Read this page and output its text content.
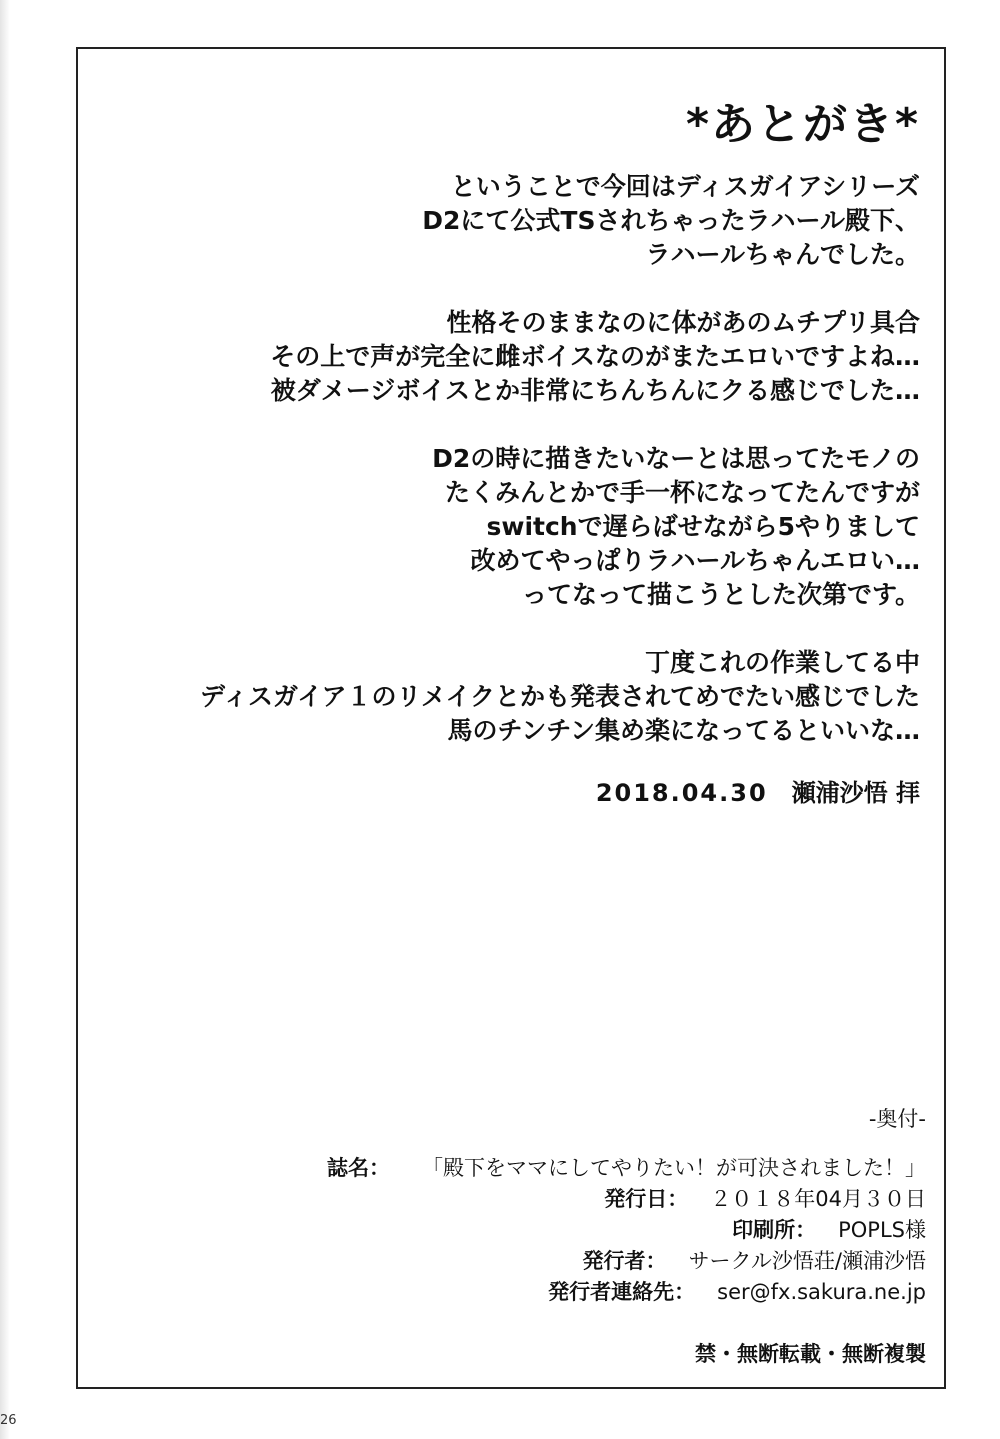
*あとがき*
ということで今回はディスガイアシリーズ
D2にて公式TSされちゃったラハール殿下、
ラハールちゃんでした。
性格そのままなのに体があのムチプリ具合
その上で声が完全に雌ボイスなのがまたエロいですよね…
被ダメージボイスとか非常にちんちんにクる感じでした…
D2の時に描きたいなーとは思ってたモノの
たくみんとかで手一杯になってたんですが
switchで遅らばせながら5やりまして
改めてやっぱりラハールちゃんエロい…
ってなって描こうとした次第です。
丁度これの作業してる中
ディスガイア１のリメイクとかも発表されてめでたい感じでした
馬のチンチン集め楽になってるといいな…
2018.04.30 瀬浦沙悟 拝
-奥付-
誌名： 「殿下をママにしてやりたい！が可決されました！」
発行日： ２０１８年04月３０日
印刷所： POPLS様
発行者： サークル沙悟荘/瀬浦沙悟
発行者連絡先： ser@fx.sakura.ne.jp
禁・無断転載・無断複製
26
